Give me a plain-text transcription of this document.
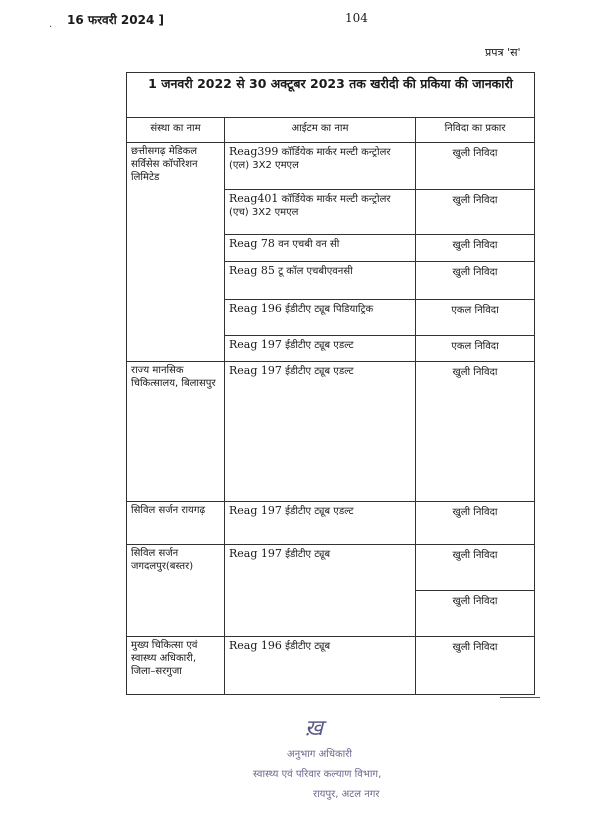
16 फरवरी 2024 ]	104
·
प्रपत्र 'स'
1 जनवरी 2022 से 30 अक्टूबर 2023 तक खरीदी की प्रकिया की जानकारी		
संस्था का नाम	आईटम का नाम	निविदा का प्रकार
छत्तीसगढ़ मेडिकल सर्विसेस कॉर्पोरेशन लिमिटेड	Reag399 कॉर्डियेक मार्कर मल्टी कन्ट्रोलर (एल) 3X2 एमएल	खुली निविदा
	Reag401 कॉर्डियेक मार्कर मल्टी कन्ट्रोलर (एच) 3X2 एमएल	खुली निविदा
	Reag 78 वन एचबी वन सी	खुली निविदा
	Reag 85 टू कॉल एचबीएवनसी	खुली निविदा
	Reag 196 ईडीटीए ट्यूब पिडियाट्रिक	एकल निविदा
	Reag 197 ईडीटीए ट्यूब एडल्ट	एकल निविदा
राज्य मानसिक चिकित्सालय, बिलासपुर	Reag 197 ईडीटीए ट्यूब एडल्ट	खुली निविदा
सिविल सर्जन रायगढ़	Reag 197 ईडीटीए ट्यूब एडल्ट	खुली निविदा
सिविल सर्जन जगदलपुर(बस्तर)	Reag 197 ईडीटीए ट्यूब	खुली निविदा
		खुली निविदा
मुख्य चिकित्सा एवं स्वास्थ्य अधिकारी, जिला–सरगुजा	Reag 196 ईडीटीए ट्यूब	खुली निविदा
ख़
अनुभाग अधिकारी
स्वास्थ्य एवं परिवार कल्याण विभाग,
रायपुर, अटल नगर
